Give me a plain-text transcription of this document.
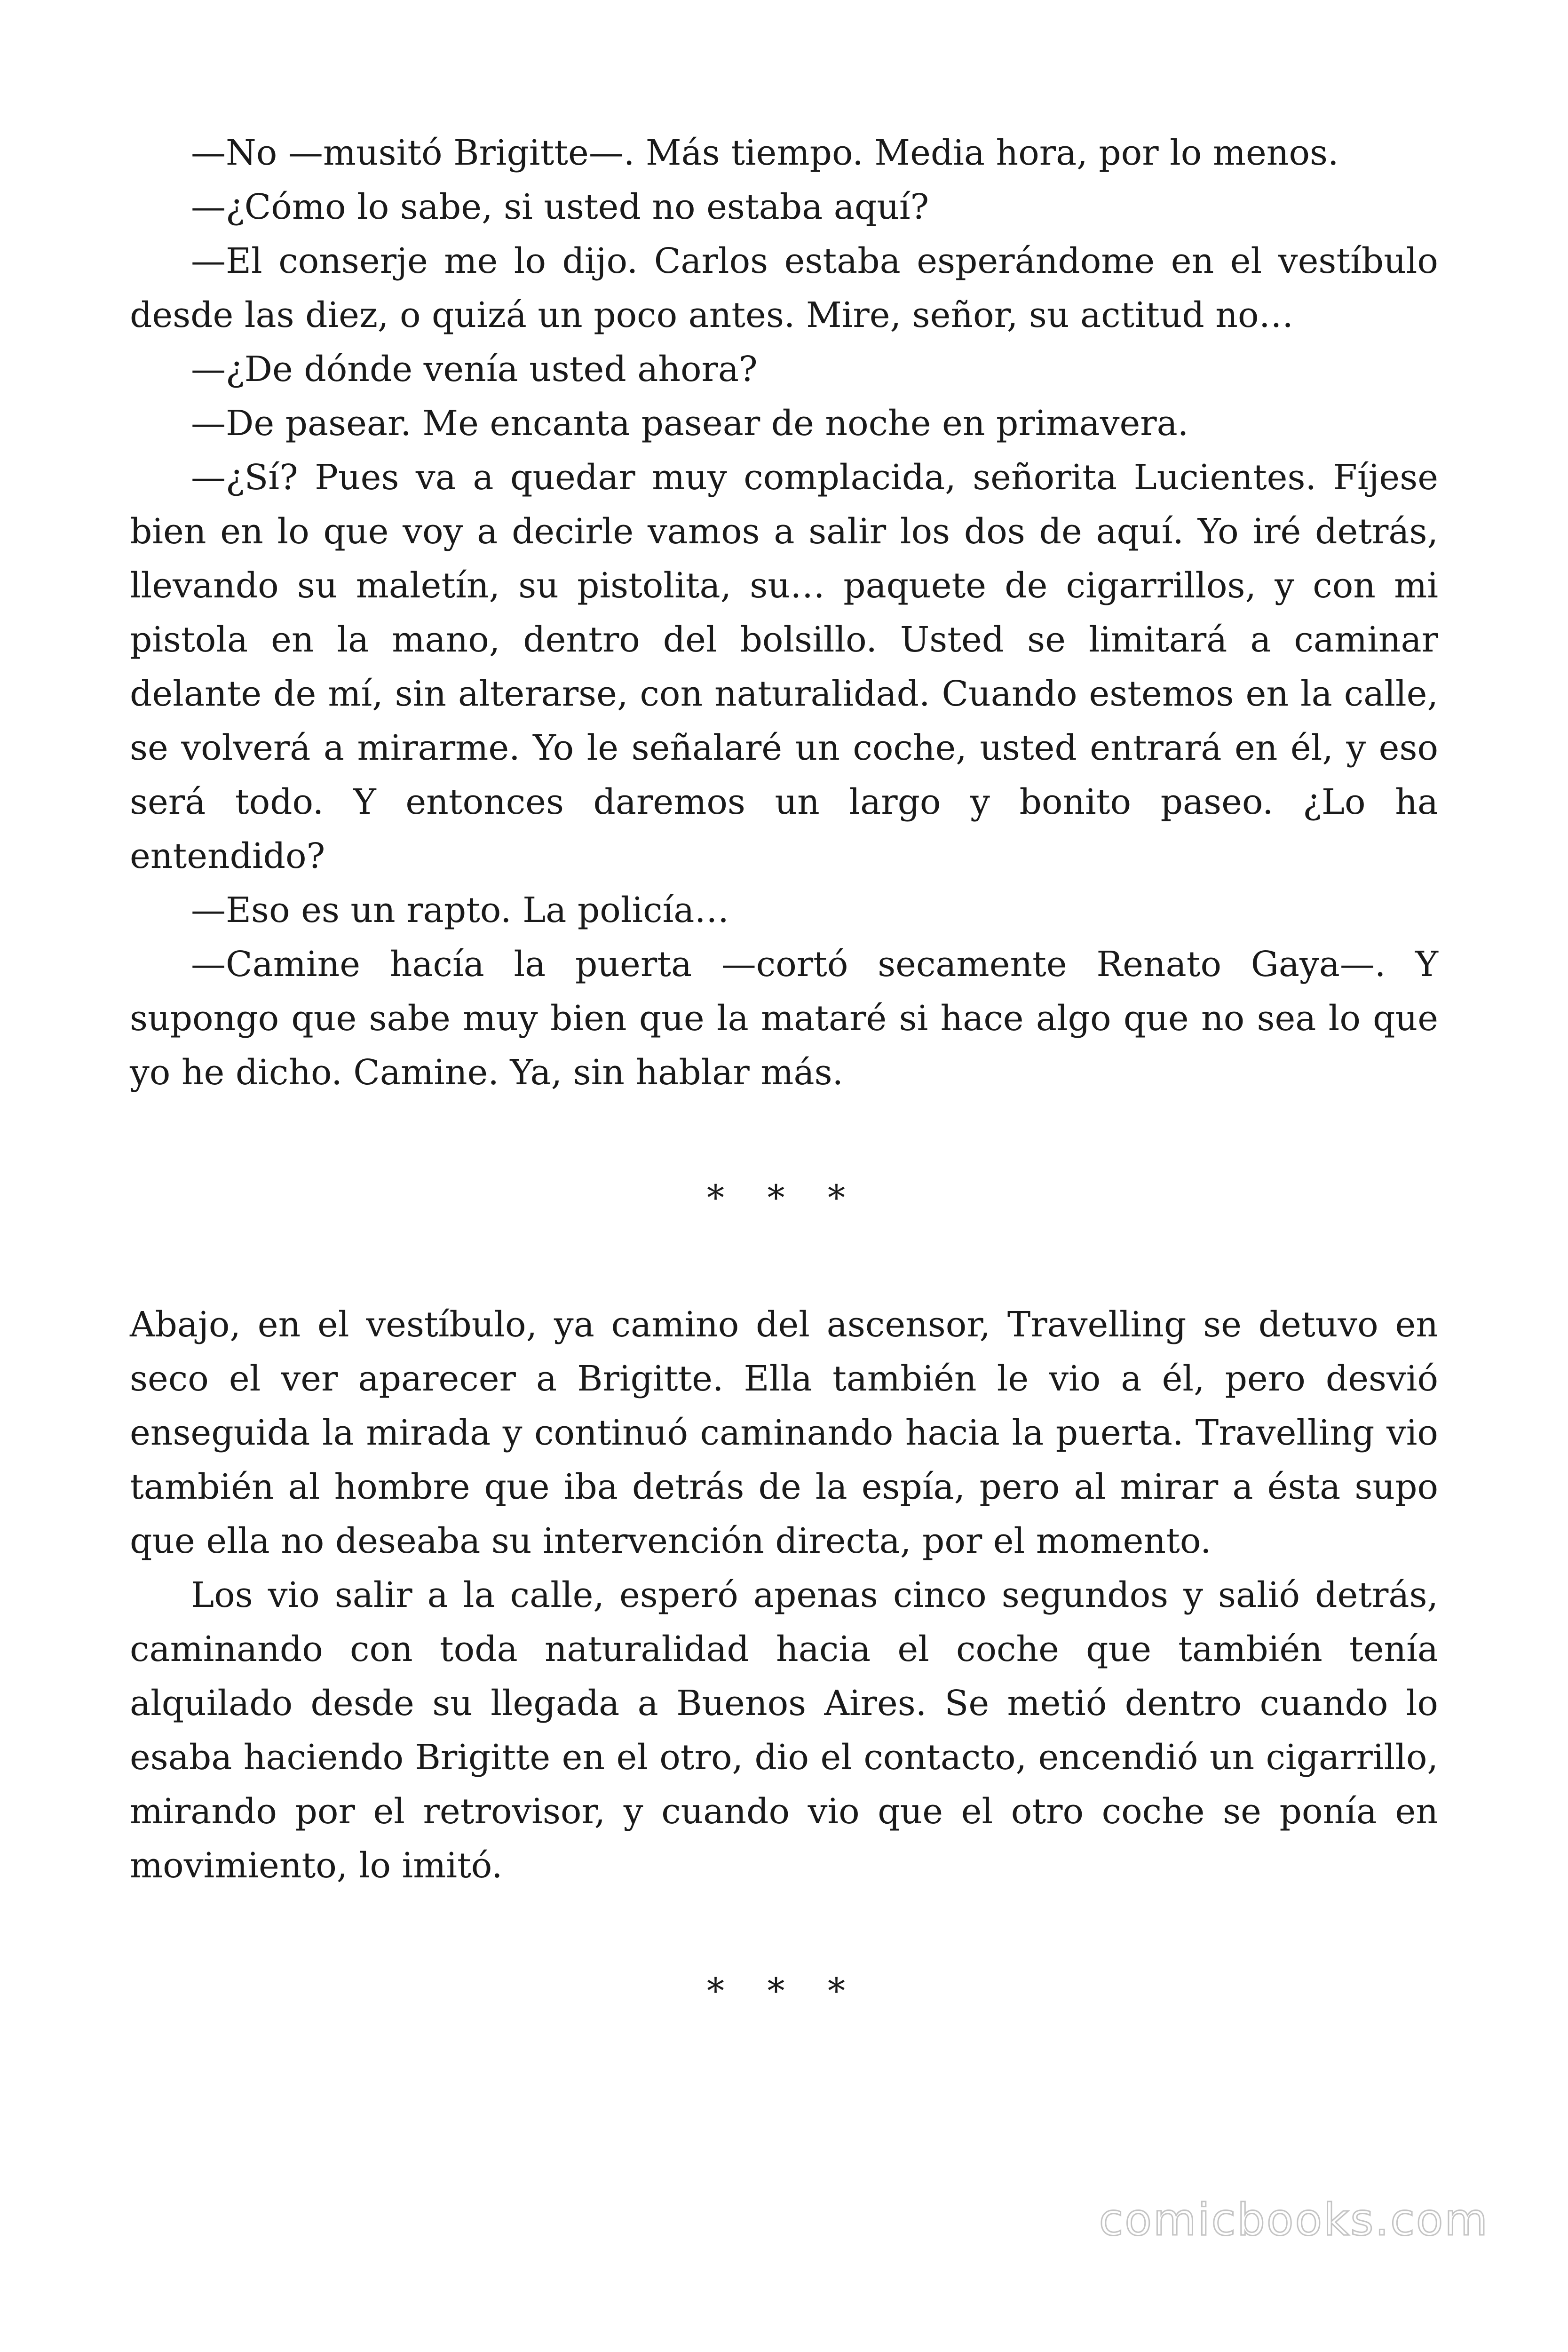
—No —musitó Brigitte—. Más tiempo. Media hora, por lo menos.

—¿Cómo lo sabe, si usted no estaba aquí?

—El conserje me lo dijo. Carlos estaba esperándome en el vestíbulo desde las diez, o quizá un poco antes. Mire, señor, su actitud no…

—¿De dónde venía usted ahora?

—De pasear. Me encanta pasear de noche en primavera.

—¿Sí? Pues va a quedar muy complacida, señorita Lucientes. Fíjese bien en lo que voy a decirle vamos a salir los dos de aquí. Yo iré detrás, llevando su maletín, su pistolita, su… paquete de cigarrillos, y con mi pistola en la mano, dentro del bolsillo. Usted se limitará a caminar delante de mí, sin alterarse, con naturalidad. Cuando estemos en la calle, se volverá a mirarme. Yo le señalaré un coche, usted entrará en él, y eso será todo. Y entonces daremos un largo y bonito paseo. ¿Lo ha entendido?

—Eso es un rapto. La policía…

—Camine hacía la puerta —cortó secamente Renato Gaya—. Y supongo que sabe muy bien que la mataré si hace algo que no sea lo que yo he dicho. Camine. Ya, sin hablar más.

* * *

Abajo, en el vestíbulo, ya camino del ascensor, Travelling se detuvo en seco el ver aparecer a Brigitte. Ella también le vio a él, pero desvió enseguida la mirada y continuó caminando hacia la puerta. Travelling vio también al hombre que iba detrás de la espía, pero al mirar a ésta supo que ella no deseaba su intervención directa, por el momento.

Los vio salir a la calle, esperó apenas cinco segundos y salió detrás, caminando con toda naturalidad hacia el coche que también tenía alquilado desde su llegada a Buenos Aires. Se metió dentro cuando lo esaba haciendo Brigitte en el otro, dio el contacto, encendió un cigarrillo, mirando por el retrovisor, y cuando vio que el otro coche se ponía en movimiento, lo imitó.

* * *

comicbooks.com
